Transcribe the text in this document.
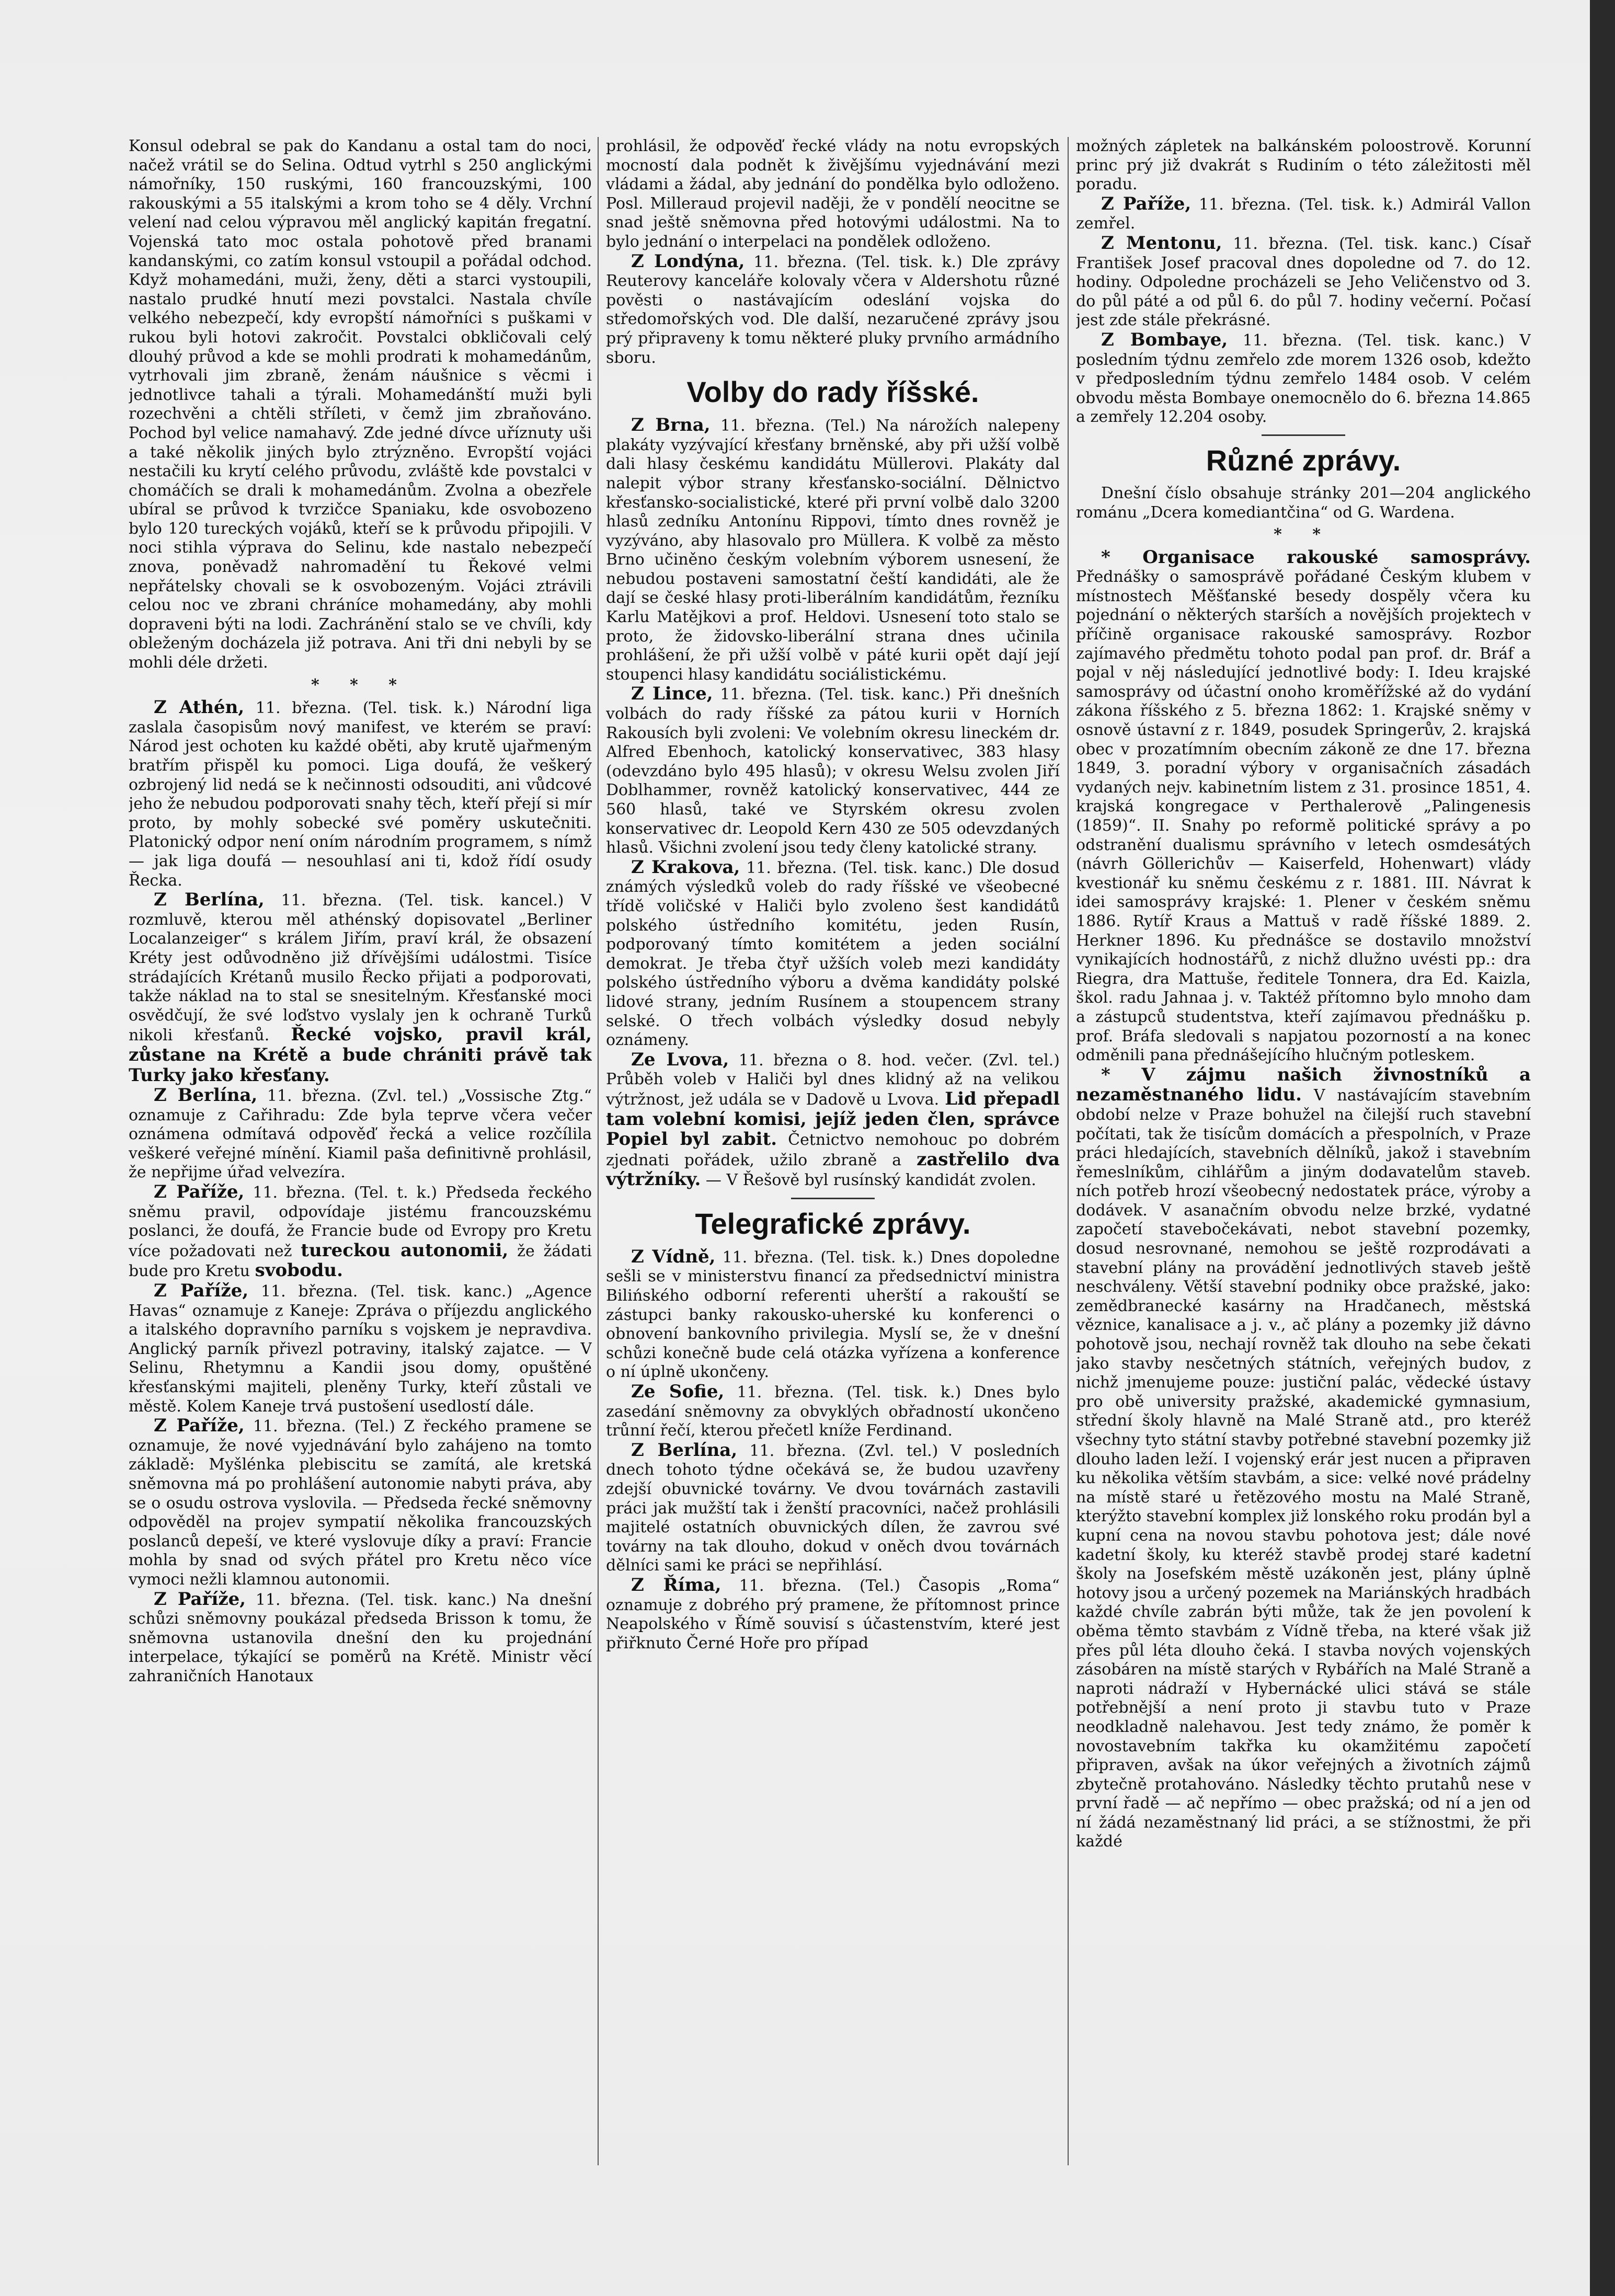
Konsul odebral se pak do Kandanu a ostal tam do noci, načež vrátil se do Selina. Odtud vytrhl s 250 anglickými námořníky, 150 ruskými, 160 francouzskými, 100 rakouskými a 55 italskými a krom toho se 4 děly. Vrchní velení nad celou výpravou měl anglický kapitán fregatní. Vojenská tato moc ostala pohotově před branami kandanskými, co zatím konsul vstoupil a pořádal odchod. Když mohamedáni, muži, ženy, děti a starci vystoupili, nastalo prudké hnutí mezi povstalci. Nastala chvíle velkého nebezpečí, kdy evropští námořníci s puškami v rukou byli hotovi zakročit. Povstalci obkličovali celý dlouhý průvod a kde se mohli prodrati k mohamedánům, vytrhovali jim zbraně, ženám náušnice s věcmi i jednotlivce tahali a týrali. Mohamedánští muži byli rozechvěni a chtěli stříleti, v čemž jim zbraňováno. Pochod byl velice namahavý. Zde jedné dívce uříznuty uši a také několik jiných bylo ztrýzněno. Evropští vojáci nestačili ku krytí celého průvodu, zvláště kde povstalci v chomáčích se drali k mohamedánům. Zvolna a obezřele ubíral se průvod k tvrzičce Spaniaku, kde osvobozeno bylo 120 tureckých vojáků, kteří se k průvodu připojili. V noci stihla výprava do Selinu, kde nastalo nebezpečí znova, poněvadž nahromadění tu Řekové velmi nepřátelsky chovali se k osvobozeným. Vojáci ztrávili celou noc ve zbrani chráníce mohamedány, aby mohli dopraveni býti na lodi. Zachránění stalo se ve chvíli, kdy obleženým docházela již potrava. Ani tři dni nebyli by se mohli déle držeti.

* * *

Z Athén, 11. března. (Tel. tisk. k.) Národní liga zaslala časopisům nový manifest, ve kterém se praví: Národ jest ochoten ku každé oběti, aby krutě ujařmeným bratřím přispěl ku pomoci. Liga doufá, že veškerý ozbrojený lid nedá se k nečinnosti odsouditi, ani vůdcové jeho že nebudou podporovati snahy těch, kteří přejí si mír proto, by mohly sobecké své poměry uskutečniti. Platonický odpor není oním národním programem, s nímž — jak liga doufá — nesouhlasí ani ti, kdož řídí osudy Řecka.

Z Berlína, 11. března. (Tel. tisk. kancel.) V rozmluvě, kterou měl athénský dopisovatel „Berliner Localanzeiger“ s králem Jiřím, praví král, že obsazení Kréty jest odůvodněno již dřívějšími událostmi. Tisíce strádajících Krétanů musilo Řecko přijati a podporovati, takže náklad na to stal se snesitelným. Křesťanské moci osvědčují, že své loďstvo vyslaly jen k ochraně Turků nikoli křesťanů. Řecké vojsko, pravil král, zůstane na Krétě a bude chrániti právě tak Turky jako křesťany.

Z Berlína, 11. března. (Zvl. tel.) „Vossische Ztg.“ oznamuje z Cařihradu: Zde byla teprve včera večer oznámena odmítavá odpověď řecká a velice rozčílila veškeré veřejné mínění. Kiamil paša definitivně prohlásil, že nepřijme úřad velvezíra.

Z Paříže, 11. března. (Tel. t. k.) Předseda řeckého sněmu pravil, odpovídaje jistému francouzskému poslanci, že doufá, že Francie bude od Evropy pro Kretu více požadovati než tureckou autonomii, že žádati bude pro Kretu svobodu.

Z Paříže, 11. března. (Tel. tisk. kanc.) „Agence Havas“ oznamuje z Kaneje: Zpráva o příjezdu anglického a italského dopravního parníku s vojskem je nepravdiva. Anglický parník přivezl potraviny, italský zajatce. — V Selinu, Rhetymnu a Kandii jsou domy, opuštěné křesťanskými majiteli, pleněny Turky, kteří zůstali ve městě. Kolem Kaneje trvá pustošení usedlostí dále.

Z Paříže, 11. března. (Tel.) Z řeckého pramene se oznamuje, že nové vyjednávání bylo zahájeno na tomto základě: Myšlénka plebiscitu se zamítá, ale kretská sněmovna má po prohlášení autonomie nabyti práva, aby se o osudu ostrova vyslovila. — Předseda řecké sněmovny odpověděl na projev sympatií několika francouzských poslanců depeší, ve které vyslovuje díky a praví: Francie mohla by snad od svých přátel pro Kretu něco více vymoci nežli klamnou autonomii.

Z Paříže, 11. března. (Tel. tisk. kanc.) Na dnešní schůzi sněmovny poukázal předseda Brisson k tomu, že sněmovna ustanovila dnešní den ku projednání interpelace, týkající se poměrů na Krétě. Ministr věcí zahraničních Hanotaux

prohlásil, že odpověď řecké vlády na notu evropských mocností dala podnět k živějšímu vyjednávání mezi vládami a žádal, aby jednání do pondělka bylo odloženo. Posl. Milleraud projevil naději, že v pondělí neocitne se snad ještě sněmovna před hotovými událostmi. Na to bylo jednání o interpelaci na pondělek odloženo.

Z Londýna, 11. března. (Tel. tisk. k.) Dle zprávy Reuterovy kanceláře kolovaly včera v Aldershotu různé pověsti o nastávajícím odeslání vojska do středomořských vod. Dle další, nezaručené zprávy jsou prý připraveny k tomu některé pluky prvního armádního sboru.

Volby do rady říšské.

Z Brna, 11. března. (Tel.) Na nárožích nalepeny plakáty vyzývající křesťany brněnské, aby při užší volbě dali hlasy českému kandidátu Müllerovi. Plakáty dal nalepit výbor strany křesťansko-sociální. Dělnictvo křesťansko-socialistické, které při první volbě dalo 3200 hlasů zedníku Antonínu Rippovi, tímto dnes rovněž je vyzýváno, aby hlasovalo pro Müllera. K volbě za město Brno učiněno českým volebním výborem usnesení, že nebudou postaveni samostatní čeští kandidáti, ale že dají se české hlasy proti-liberálním kandidátům, řezníku Karlu Matějkovi a prof. Heldovi. Usnesení toto stalo se proto, že židovsko-liberální strana dnes učinila prohlášení, že při užší volbě v páté kurii opět dají její stoupenci hlasy kandidátu sociálistickému.

Z Lince, 11. března. (Tel. tisk. kanc.) Při dnešních volbách do rady říšské za pátou kurii v Horních Rakousích byli zvoleni: Ve volebním okresu lineckém dr. Alfred Ebenhoch, katolický konservativec, 383 hlasy (odevzdáno bylo 495 hlasů); v okresu Welsu zvolen Jiří Doblhammer, rovněž katolický konservativec, 444 ze 560 hlasů, také ve Styrském okresu zvolen konservativec dr. Leopold Kern 430 ze 505 odevzdaných hlasů. Všichni zvolení jsou tedy členy katolické strany.

Z Krakova, 11. března. (Tel. tisk. kanc.) Dle dosud známých výsledků voleb do rady říšské ve všeobecné třídě voličské v Haliči bylo zvoleno šest kandidátů polského ústředního komitétu, jeden Rusín, podporovaný tímto komitétem a jeden sociální demokrat. Je třeba čtyř užších voleb mezi kandidáty polského ústředního výboru a dvěma kandidáty polské lidové strany, jedním Rusínem a stoupencem strany selské. O třech volbách výsledky dosud nebyly oznámeny.

Ze Lvova, 11. března o 8. hod. večer. (Zvl. tel.) Průběh voleb v Haliči byl dnes klidný až na velikou výtržnost, jež udála se v Dadově u Lvova. Lid přepadl tam volební komisi, jejíž jeden člen, správce Popiel byl zabit. Četnictvo nemohouc po dobrém zjednati pořádek, užilo zbraně a zastřelilo dva výtržníky. — V Řešově byl rusínský kandidát zvolen.

Telegrafické zprávy.

Z Vídně, 11. března. (Tel. tisk. k.) Dnes dopoledne sešli se v ministerstvu financí za předsednictví ministra Bilińského odborní referenti uherští a rakouští se zástupci banky rakousko-uherské ku konferenci o obnovení bankovního privilegia. Myslí se, že v dnešní schůzi konečně bude celá otázka vyřízena a konference o ní úplně ukončeny.

Ze Sofie, 11. března. (Tel. tisk. k.) Dnes bylo zasedání sněmovny za obvyklých obřadností ukončeno trůnní řečí, kterou přečetl kníže Ferdinand.

Z Berlína, 11. března. (Zvl. tel.) V posledních dnech tohoto týdne očekává se, že budou uzavřeny zdejší obuvnické továrny. Ve dvou továrnách zastavili práci jak mužští tak i ženští pracovníci, načež prohlásili majitelé ostatních obuvnických dílen, že zavrou své továrny na tak dlouho, dokud v oněch dvou továrnách dělníci sami ke práci se nepřihlásí.

Z Říma, 11. března. (Tel.) Časopis „Roma“ oznamuje z dobrého prý pramene, že přítomnost prince Neapolského v Římě souvisí s účastenstvím, které jest přiřknuto Černé Hoře pro případ

možných zápletek na balkánském poloostrově. Korunní princ prý již dvakrát s Rudiním o této záležitosti měl poradu.

Z Paříže, 11. března. (Tel. tisk. k.) Admirál Vallon zemřel.

Z Mentonu, 11. března. (Tel. tisk. kanc.) Císař František Josef pracoval dnes dopoledne od 7. do 12. hodiny. Odpoledne procházeli se Jeho Veličenstvo od 3. do půl páté a od půl 6. do půl 7. hodiny večerní. Počasí jest zde stále překrásné.

Z Bombaye, 11. března. (Tel. tisk. kanc.) V posledním týdnu zemřelo zde morem 1326 osob, kdežto v předposledním týdnu zemřelo 1484 osob. V celém obvodu města Bombaye onemocnělo do 6. března 14.865 a zemřely 12.204 osoby.

Různé zprávy.

Dnešní číslo obsahuje stránky 201—204 anglického románu „Dcera komediantčina“ od G. Wardena.

* *

* Organisace rakouské samosprávy. Přednášky o samosprávě pořádané Českým klubem v místnostech Měšťanské besedy dospěly včera ku pojednání o některých starších a novějších projektech v příčině organisace rakouské samosprávy. Rozbor zajímavého předmětu tohoto podal pan prof. dr. Bráf a pojal v něj následující jednotlivé body: I. Ideu krajské samosprávy od účastní onoho kroměřížské až do vydání zákona říšského z 5. března 1862: 1. Krajské sněmy v osnově ústavní z r. 1849, posudek Springerův, 2. krajská obec v prozatímním obecním zákoně ze dne 17. března 1849, 3. poradní výbory v organisačních zásadách vydaných nejv. kabinetním listem z 31. prosince 1851, 4. krajská kongregace v Perthalerově „Palingenesis (1859)“. II. Snahy po reformě politické správy a po odstranění dualismu správního v letech osmdesátých (návrh Göllerichův — Kaiserfeld, Hohenwart) vlády kvestionář ku sněmu českému z r. 1881. III. Návrat k idei samosprávy krajské: 1. Plener v českém sněmu 1886. Rytíř Kraus a Mattuš v radě říšské 1889. 2. Herkner 1896. Ku přednášce se dostavilo množství vynikajících hodnostářů, z nichž dlužno uvésti pp.: dra Riegra, dra Mattuše, ředitele Tonnera, dra Ed. Kaizla, škol. radu Jahnaa j. v. Taktéž přítomno bylo mnoho dam a zástupců studentstva, kteří zajímavou přednášku p. prof. Bráfa sledovali s napjatou pozorností a na konec odměnili pana přednášejícího hlučným potleskem.

* V zájmu našich živnostníků a nezaměstnaného lidu. V nastávajícím stavebním období nelze v Praze bohužel na čilejší ruch stavební počítati, tak že tisícům domácích a přespolních, v Praze práci hledajících, stavebních dělníků, jakož i stavebním řemeslníkům, cihlářům a jiným dodavatelům staveb. ních potřeb hrozí všeobecný nedostatek práce, výroby a dodávek. V asanačním obvodu nelze brzké, vydatné započetí stavebočekávati, nebot stavební pozemky, dosud nesrovnané, nemohou se ještě rozprodávati a stavební plány na provádění jednotlivých staveb ještě neschváleny. Větší stavební podniky obce pražské, jako: zemědbranecké kasárny na Hradčanech, městská věznice, kanalisace a j. v., ač plány a pozemky již dávno pohotově jsou, nechají rovněž tak dlouho na sebe čekati jako stavby nesčetných státních, veřejných budov, z nichž jmenujeme pouze: justiční palác, vědecké ústavy pro obě university pražské, akademické gymnasium, střední školy hlavně na Malé Straně atd., pro kteréž všechny tyto státní stavby potřebné stavební pozemky již dlouho laden leží. I vojenský erár jest nucen a připraven ku několika větším stavbám, a sice: velké nové prádelny na místě staré u řetězového mostu na Malé Straně, kterýžto stavební komplex již lonského roku prodán byl a kupní cena na novou stavbu pohotova jest; dále nové kadetní školy, ku kteréž stavbě prodej staré kadetní školy na Josefském městě uzákoněn jest, plány úplně hotovy jsou a určený pozemek na Mariánských hradbách každé chvíle zabrán býti může, tak že jen povolení k oběma těmto stavbám z Vídně třeba, na které však již přes půl léta dlouho čeká. I stavba nových vojenských zásobáren na místě starých v Rybářích na Malé Straně a naproti nádraží v Hybernácké ulici stává se stále potřebnější a není proto ji stavbu tuto v Praze neodkladně nalehavou. Jest tedy známo, že poměr k novostavebním takřka ku okamžitému započetí připraven, avšak na úkor veřejných a životních zájmů zbytečně protahováno. Následky těchto prutahů nese v první řadě — ač nepřímo — obec pražská; od ní a jen od ní žádá nezaměstnaný lid práci, a se stížnostmi, že při každé
